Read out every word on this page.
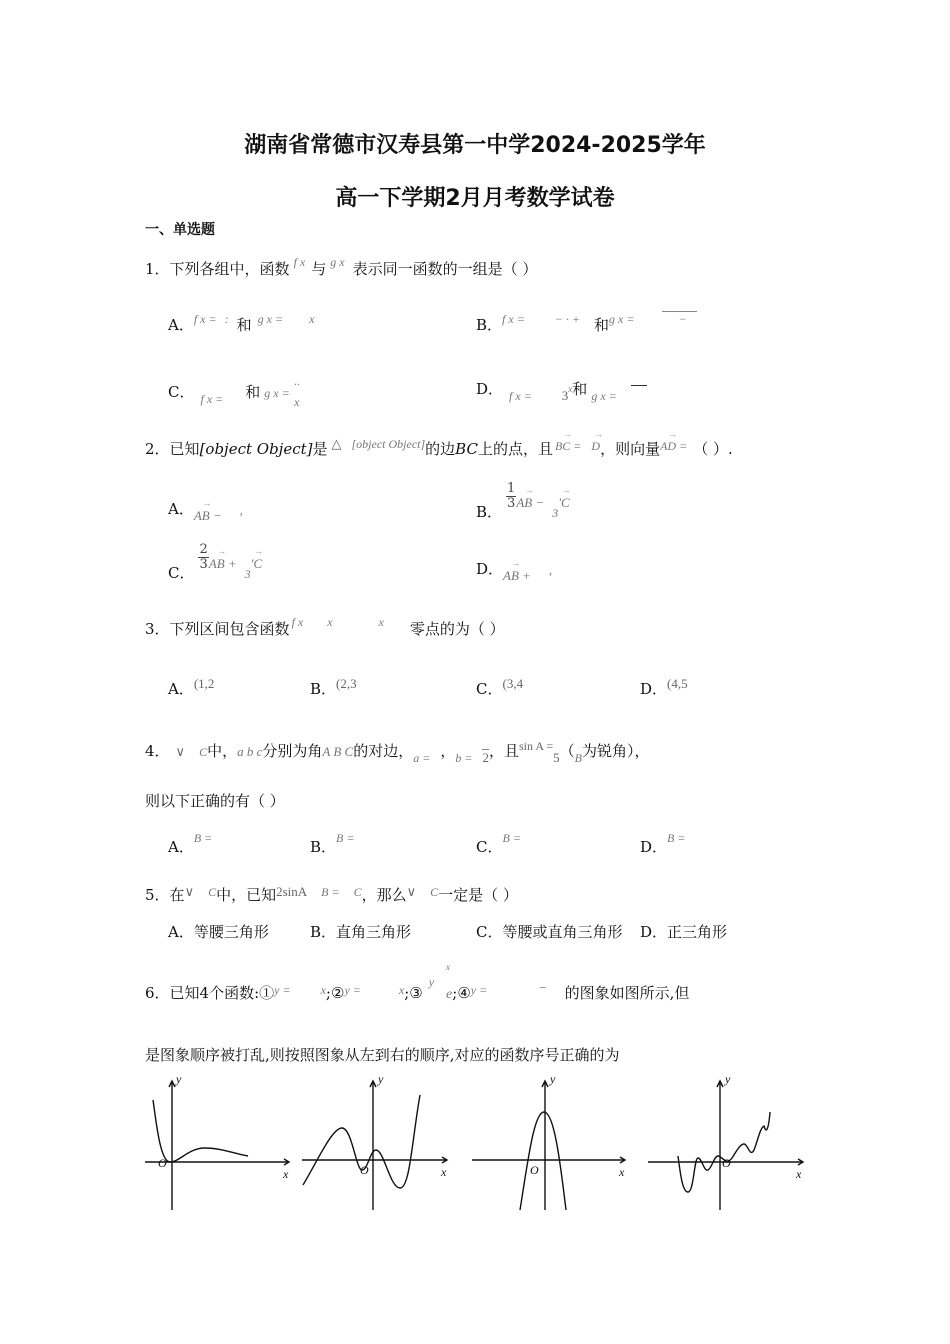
湖南省常德市汉寿县第一中学2024-2025学年
高一下学期2月月考数学试卷
一、单选题
1．下列各组中，函数 $^{f x}$ 与 $^{g x}$ 表示同一函数的一组是（ ）
A．$^{f x =}$ : 和 $^{g x =}$ $^x$	B．$^{f x =}$	− · + 和$^{g x =}$	−
C． $_{f x =}$ 和 g x =
··
x
D． $_{f x =}$ 3x和 $_{g x =}$
2．已知[object Object]是 △ [object Object]的边BC上的点，且 → BC = → D，则向量→ AD = （ ）.
A．→ AB − ,	B．
$\frac{1}{3}\to$ AB $-_3\to$ 'C
C．
$\frac{2}{3}\to$ AB $+_3\to$ 'C	D．→ AB + ,
3．下列区间包含函数 $^{f x}$ $^x$	$^x$ 零点的为（ ）
A．(1,2	B．(2,3	C．(3,4	D．(4,5
4． ∨ C中，a b c分别为角A B C的对边，$_{a =}$ ，$_{b =}$ 2，且$^{sin A =}5(_B$为锐角），
则以下正确的有（ ）
A．$^{B =}$	B．$^{B =}$	C．$^{B =}$	D．$^{B =}$
5．在∨ $^C$中，已知2sinA $^{B =}$ $^C$，那么∨ $^C$一定是（ ）
A．等腰三角形	B．直角三角形	C．等腰或直角三角形 D．正三角形
6．已知4个函数:①$^{y =}$	$^x$;②$^{y =}$	$^x$;③$^y$
x
e;④$^{y =}$	− 的图象如图所示,但
是图象顺序被打乱,则按照图象从左到右的顺序,对应的函数序号正确的为
y
x
O
y
x
O
y
x
O
y
x
O
